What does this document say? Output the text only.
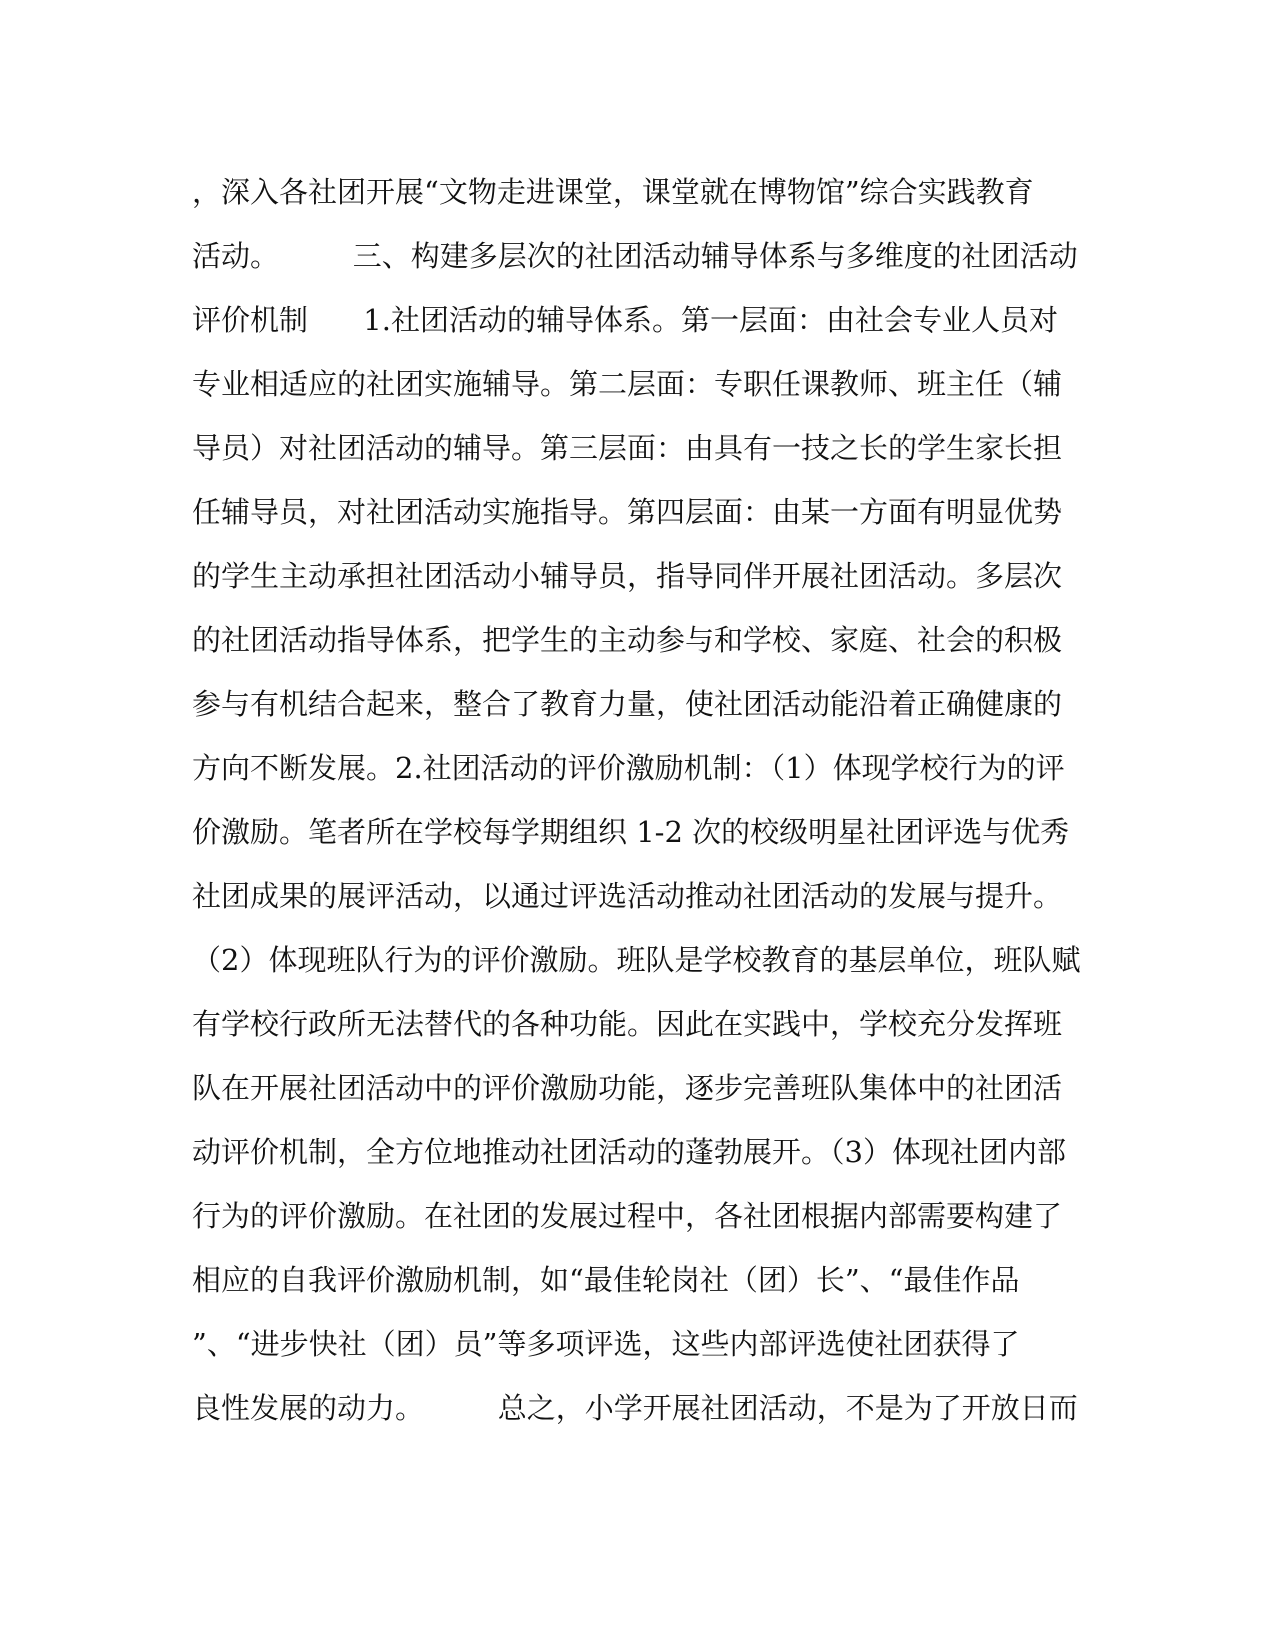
，深入各社团开展“文物走进课堂，课堂就在博物馆”综合实践教育
活动。        三、构建多层次的社团活动辅导体系与多维度的社团活动
评价机制      1.社团活动的辅导体系。第一层面：由社会专业人员对
专业相适应的社团实施辅导。第二层面：专职任课教师、班主任（辅
导员）对社团活动的辅导。第三层面：由具有一技之长的学生家长担
任辅导员，对社团活动实施指导。第四层面：由某一方面有明显优势
的学生主动承担社团活动小辅导员，指导同伴开展社团活动。多层次
的社团活动指导体系，把学生的主动参与和学校、家庭、社会的积极
参与有机结合起来，整合了教育力量，使社团活动能沿着正确健康的
方向不断发展。2.社团活动的评价激励机制：（1）体现学校行为的评
价激励。笔者所在学校每学期组织 1-2 次的校级明星社团评选与优秀
社团成果的展评活动，以通过评选活动推动社团活动的发展与提升。
（2）体现班队行为的评价激励。班队是学校教育的基层单位，班队赋
有学校行政所无法替代的各种功能。因此在实践中，学校充分发挥班
队在开展社团活动中的评价激励功能，逐步完善班队集体中的社团活
动评价机制，全方位地推动社团活动的蓬勃展开。（3）体现社团内部
行为的评价激励。在社团的发展过程中，各社团根据内部需要构建了
相应的自我评价激励机制，如“最佳轮岗社（团）长”、“最佳作品
”、“进步快社（团）员”等多项评选，这些内部评选使社团获得了
良性发展的动力。        总之，小学开展社团活动，不是为了开放日而
